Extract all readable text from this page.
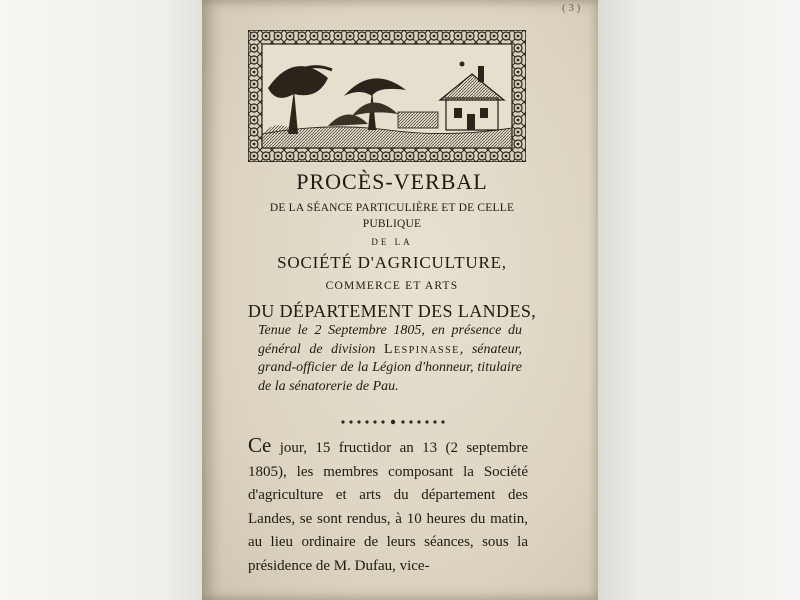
( 3 )
PROCÈS-VERBAL
DE LA SÉANCE PARTICULIÈRE ET DE CELLE PUBLIQUE
DE LA
SOCIÉTÉ D'AGRICULTURE,
COMMERCE ET ARTS
DU DÉPARTEMENT DES LANDES,
Tenue le 2 Septembre 1805, en présence du général de division Lespinasse, sénateur, grand-officier de la Légion d'honneur, titulaire de la sénatorerie de Pau.
Ce jour, 15 fructidor an 13 (2 septembre 1805), les membres composant la Société d'agriculture et arts du département des Landes, se sont rendus, à 10 heures du matin, au lieu ordinaire de leurs séances, sous la présidence de M. Dufau, vice-
